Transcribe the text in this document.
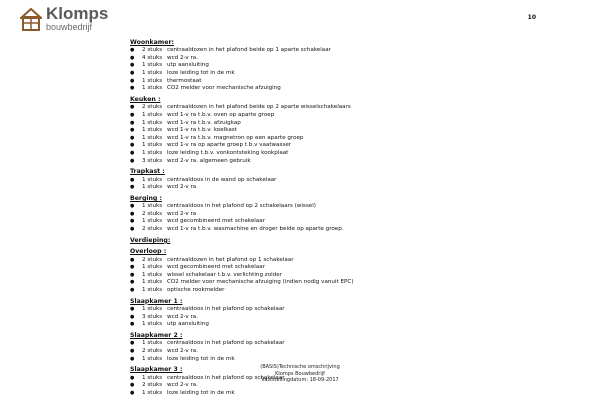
Klomps
bouwbedrijf
10
Woonkamer:
●	2 stuks centraaldozen in het plafond beide op 1 aparte schakelaar
●	4 stuks wcd 2-v ra.
●	1 stuks utp aansluiting
●	1 stuks loze leiding tot in de mk
●	1 stuks thermostaat
●	1 stuks CO2 melder voor mechanische afzuiging
Keuken :
●	2 stuks centraaldozen in het plafond beide op 2 aparte wisselschakelaars
●	1 stuks wcd 1-v ra t.b.v. oven op aparte groep
●	1 stuks wcd 1-v ra t.b.v. afzuigkap
●	1 stuks wcd 1-v ra t.b.v. koelkast
●	1 stuks wcd 1-v ra t.b.v. magnetron op een aparte groep
●	1 stuks wcd 1-v ra op aparte groep t.b.v vaatwasser
●	1 stuks loze leiding t.b.v. vonkontsteking kookplaat
●	3 stuks wcd 2-v ra. algemeen gebruik
Trapkast :
●	1 stuks centraaldoos in de wand op schakelaar
●	1 stuks wcd 2-v ra
Berging :
●	1 stuks centraaldoos in het plafond op 2 schakelaars (wissel)
●	2 stuks wcd 2-v ra
●	1 stuks wcd gecombineerd met schakelaar
●	2 stuks wcd 1-v ra t.b.v. wasmachine en droger beide op aparte groep.
Verdieping:
Overloop :
●	2 stuks centraaldozen in het plafond op 1 schakelaar
●	1 stuks wcd gecombineerd met schakelaar
●	1 stuks wissel schakelaar t.b.v. verlichting zolder
●	1 stuks CO2 melder voor mechanische afzuiging (indien nodig vanuit EPC)
●	1 stuks optische rookmelder
Slaapkamer 1 :
●	1 stuks centraaldoos in het plafond op schakelaar
●	3 stuks wcd 2-v ra.
●	1 stuks utp aansluiting
Slaapkamer 2 :
●	1 stuks centraaldoos in het plafond op schakelaar
●	2 stuks wcd 2-v ra.
●	1 stuks loze leiding tot in de mk
Slaapkamer 3 :
●	1 stuks centraaldoos in het plafond op schakelaar
●	2 stuks wcd 2-v ra.
●	1 stuks loze leiding tot in de mk
(BASIS)Technische omschrijving
Klomps Bouwbedrijf
Vaststellingdatum: 18-09-2017
